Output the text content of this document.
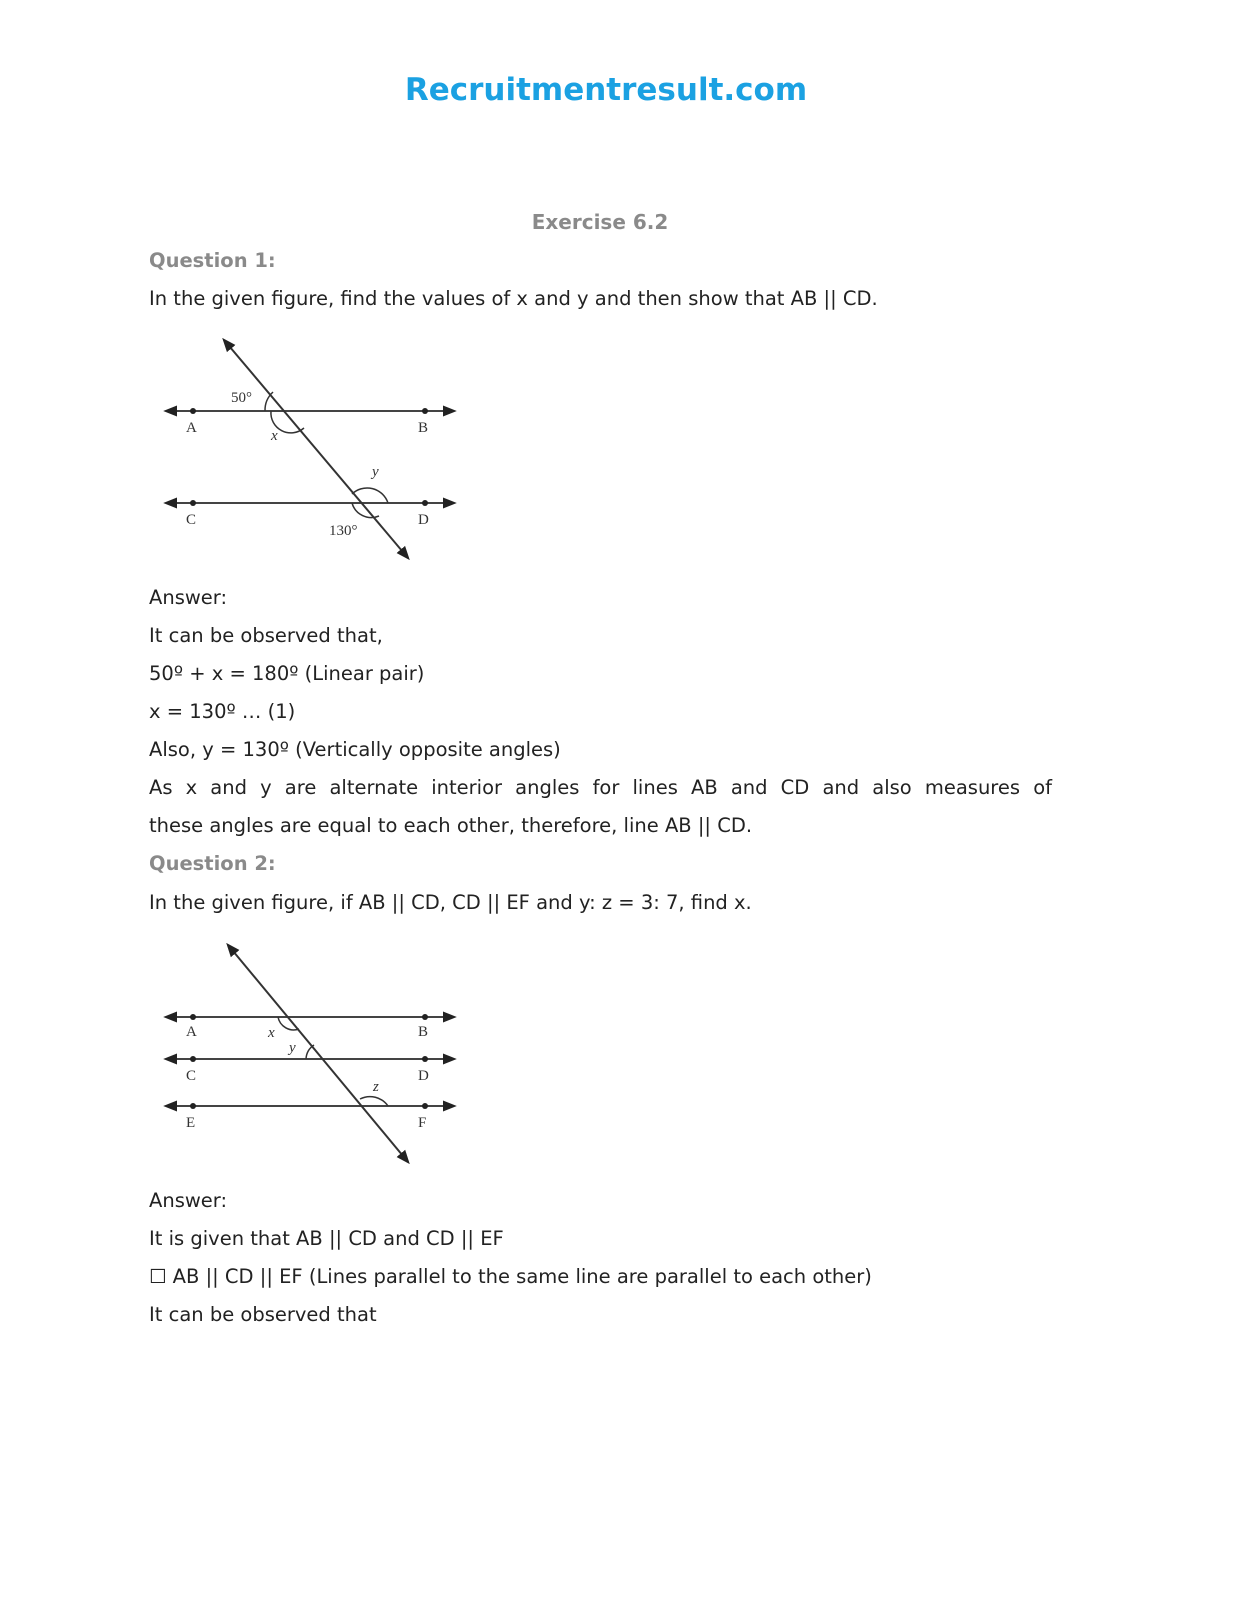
Recruitmentresult.com
Exercise 6.2
Question 1:
In the given figure, find the values of x and y and then show that AB || CD.
A	B
C	D
50°
130°
x
y
A	B
C	D
E	F
x
y
z
Answer:
It can be observed that,
50º + x = 180º (Linear pair)
x = 130º … (1)
Also, y = 130º (Vertically opposite angles)
As x and y are alternate interior angles for lines AB and CD and also measures of
these angles are equal to each other, therefore, line AB || CD.
Question 2:
In the given figure, if AB || CD, CD || EF and y: z = 3: 7, find x.
Answer:
It is given that AB || CD and CD || EF
☐ AB || CD || EF (Lines parallel to the same line are parallel to each other)
It can be observed that
